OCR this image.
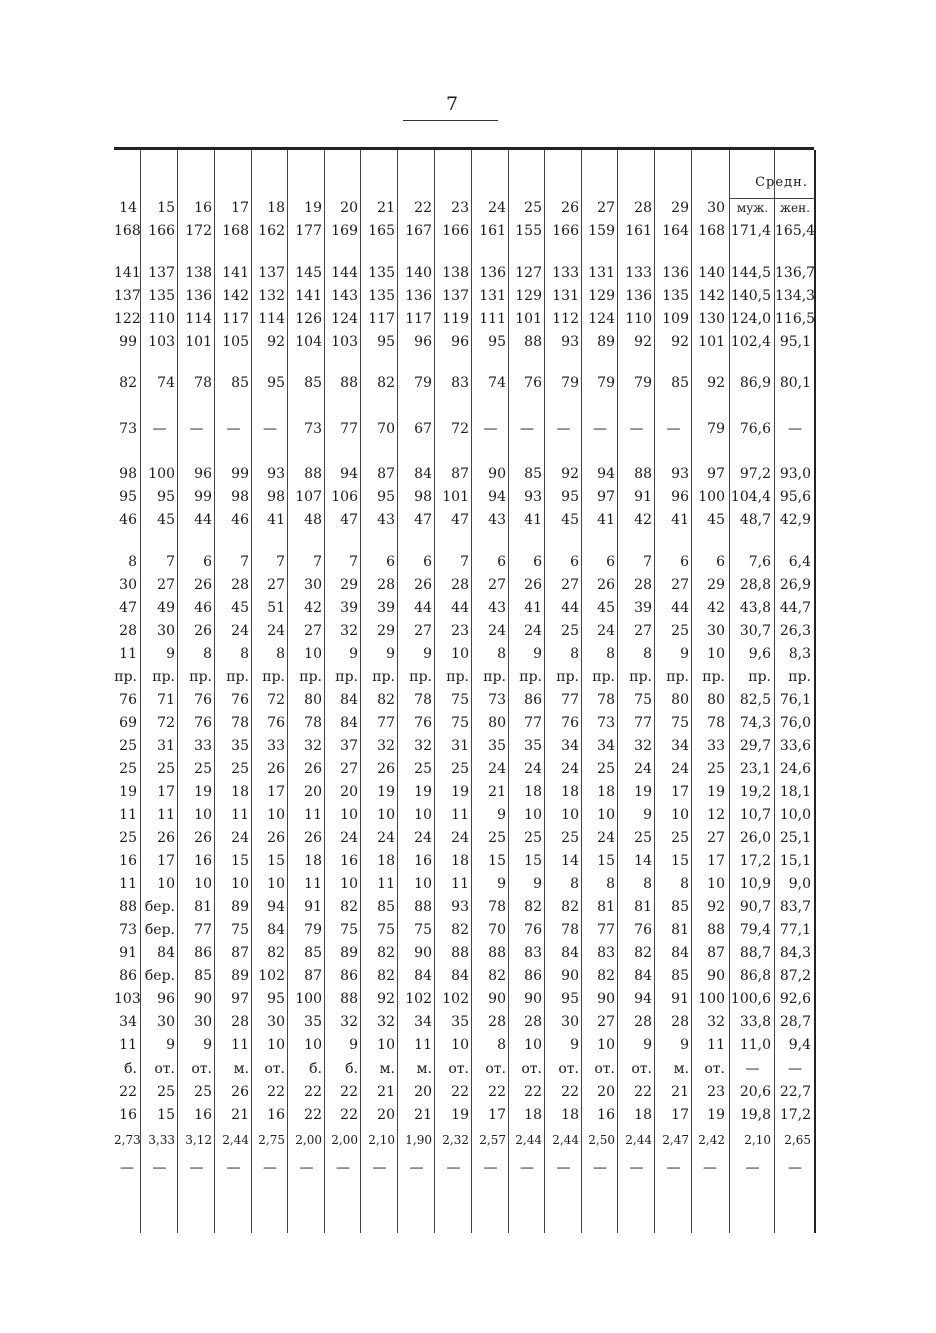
7
Средн.
14
168
141
137
122
99
82
73
98
95
46
8
30
47
28
11
пр.
76
69
25
25
19
11
25
16
11
88
73
91
86
103
34
11
б.
22
16
2,73
—
15
166
137
135
110
103
74
—
100
95
45
7
27
49
30
9
пр.
71
72
31
25
17
11
26
17
10
бер.
бер.
84
бер.
96
30
9
от.
25
15
3,33
—
16
172
138
136
114
101
78
—
96
99
44
6
26
46
26
8
пр.
76
76
33
25
19
10
26
16
10
81
77
86
85
90
30
9
от.
25
16
3,12
—
17
168
141
142
117
105
85
—
99
98
46
7
28
45
24
8
пр.
76
78
35
25
18
11
24
15
10
89
75
87
89
97
28
11
м.
26
21
2,44
—
18
162
137
132
114
92
95
—
93
98
41
7
27
51
24
8
пр.
72
76
33
26
17
10
26
15
10
94
84
82
102
95
30
10
от.
22
16
2,75
—
19
177
145
141
126
104
85
73
88
107
48
7
30
42
27
10
пр.
80
78
32
26
20
11
26
18
11
91
79
85
87
100
35
10
б.
22
22
2,00
—
20
169
144
143
124
103
88
77
94
106
47
7
29
39
32
9
пр.
84
84
37
27
20
10
24
16
10
82
75
89
86
88
32
9
б.
22
22
2,00
—
21
165
135
135
117
95
82
70
87
95
43
6
28
39
29
9
пр.
82
77
32
26
19
10
24
18
11
85
75
82
82
92
32
10
м.
21
20
2,10
—
22
167
140
136
117
96
79
67
84
98
47
6
26
44
27
9
пр.
78
76
32
25
19
10
24
16
10
88
75
90
84
102
34
11
м.
20
21
1,90
—
23
166
138
137
119
96
83
72
87
101
47
7
28
44
23
10
пр.
75
75
31
25
19
11
24
18
11
93
82
88
84
102
35
10
от.
22
19
2,32
—
24
161
136
131
111
95
74
—
90
94
43
6
27
43
24
8
пр.
73
80
35
24
21
9
25
15
9
78
70
88
82
90
28
8
от.
22
17
2,57
—
25
155
127
129
101
88
76
—
85
93
41
6
26
41
24
9
пр.
86
77
35
24
18
10
25
15
9
82
76
83
86
90
28
10
от.
22
18
2,44
—
26
166
133
131
112
93
79
—
92
95
45
6
27
44
25
8
пр.
77
76
34
24
18
10
25
14
8
82
78
84
90
95
30
9
от.
22
18
2,44
—
27
159
131
129
124
89
79
—
94
97
41
6
26
45
24
8
пр.
78
73
34
25
18
10
24
15
8
81
77
83
82
90
27
10
от.
20
16
2,50
—
28
161
133
136
110
92
79
—
88
91
42
7
28
39
27
8
пр.
75
77
32
24
19
9
25
14
8
81
76
82
84
94
28
9
от.
22
18
2,44
—
29
164
136
135
109
92
85
—
93
96
41
6
27
44
25
9
пр.
80
75
34
24
17
10
25
15
8
85
81
84
85
91
28
9
м.
21
17
2,47
—
30
168
140
142
130
101
92
79
97
100
45
6
29
42
30
10
пр.
80
78
33
25
19
12
27
17
10
92
88
87
90
100
32
11
от.
23
19
2,42
—
муж.
171,4
144,5
140,5
124,0
102,4
86,9
76,6
97,2
104,4
48,7
7,6
28,8
43,8
30,7
9,6
пр.
82,5
74,3
29,7
23,1
19,2
10,7
26,0
17,2
10,9
90,7
79,4
88,7
86,8
100,6
33,8
11,0
—
20,6
19,8
2,10
—
жен.
165,4
136,7
134,3
116,5
95,1
80,1
—
93,0
95,6
42,9
6,4
26,9
44,7
26,3
8,3
пр.
76,1
76,0
33,6
24,6
18,1
10,0
25,1
15,1
9,0
83,7
77,1
84,3
87,2
92,6
28,7
9,4
—
22,7
17,2
2,65
—
